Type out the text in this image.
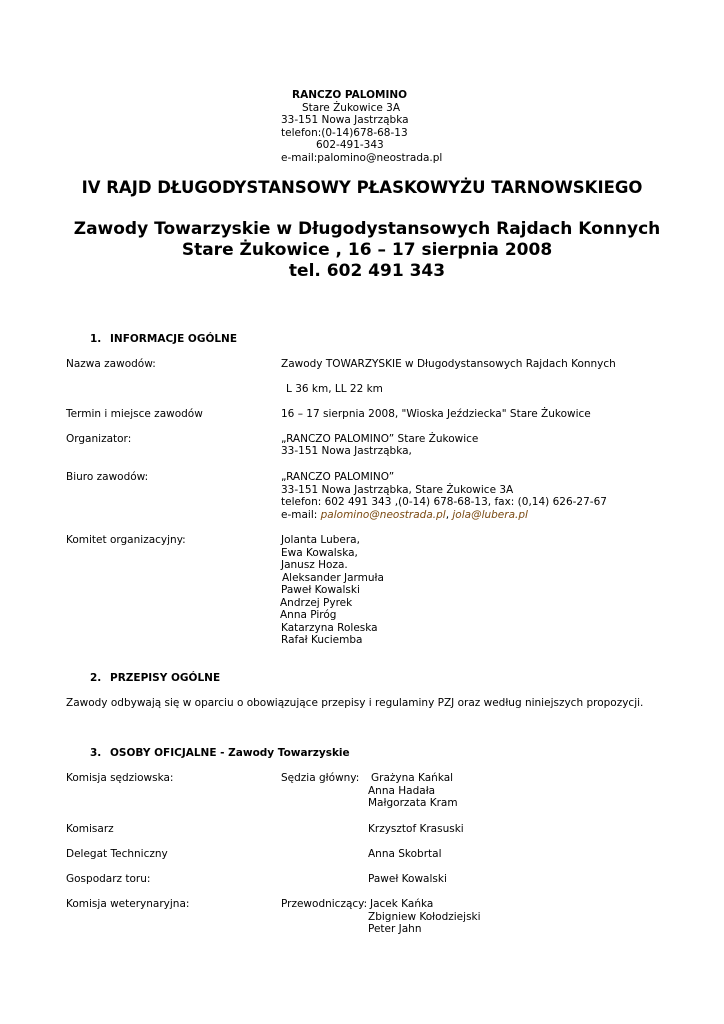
RANCZO PALOMINO
Stare Żukowice 3A
33-151 Nowa Jastrząbka
telefon:(0-14)678-68-13
602-491-343
e-mail:palomino@neostrada.pl
IV RAJD DŁUGODYSTANSOWY PŁASKOWYŻU TARNOWSKIEGO
Zawody Towarzyskie w Długodystansowych Rajdach Konnych
Stare Żukowice , 16 – 17 sierpnia 2008
tel. 602 491 343
1. INFORMACJE OGÓLNE
Nazwa zawodów:	Zawody TOWARZYSKIE w Długodystansowych Rajdach Konnych
L 36 km, LL 22 km
Termin i miejsce zawodów	16 – 17 sierpnia 2008, "Wioska Jeździecka" Stare Żukowice
Organizator:	„RANCZO PALOMINO” Stare Żukowice
33-151 Nowa Jastrząbka,
Biuro zawodów:	„RANCZO PALOMINO”
33-151 Nowa Jastrząbka, Stare Żukowice 3A
telefon: 602 491 343 ,(0-14) 678-68-13, fax: (0,14) 626-27-67
e-mail: palomino@neostrada.pl, jola@lubera.pl
Komitet organizacyjny:	Jolanta Lubera,
Ewa Kowalska,
Janusz Hoza.
Aleksander Jarmuła
Paweł Kowalski
Andrzej Pyrek
Anna Piróg
Katarzyna Roleska
Rafał Kuciemba
2. PRZEPISY OGÓLNE
Zawody odbywają się w oparciu o obowiązujące przepisy i regulaminy PZJ oraz według niniejszych propozycji.
3. OSOBY OFICJALNE - Zawody Towarzyskie
Komisja sędziowska:	Sędzia główny: Grażyna Kańkal
Anna Hadała
Małgorzata Kram
Komisarz	Krzysztof Krasuski
Delegat Techniczny	Anna Skobrtal
Gospodarz toru:	Paweł Kowalski
Komisja weterynaryjna:	Przewodniczący: Jacek Kańka
Zbigniew Kołodziejski
Peter Jahn
